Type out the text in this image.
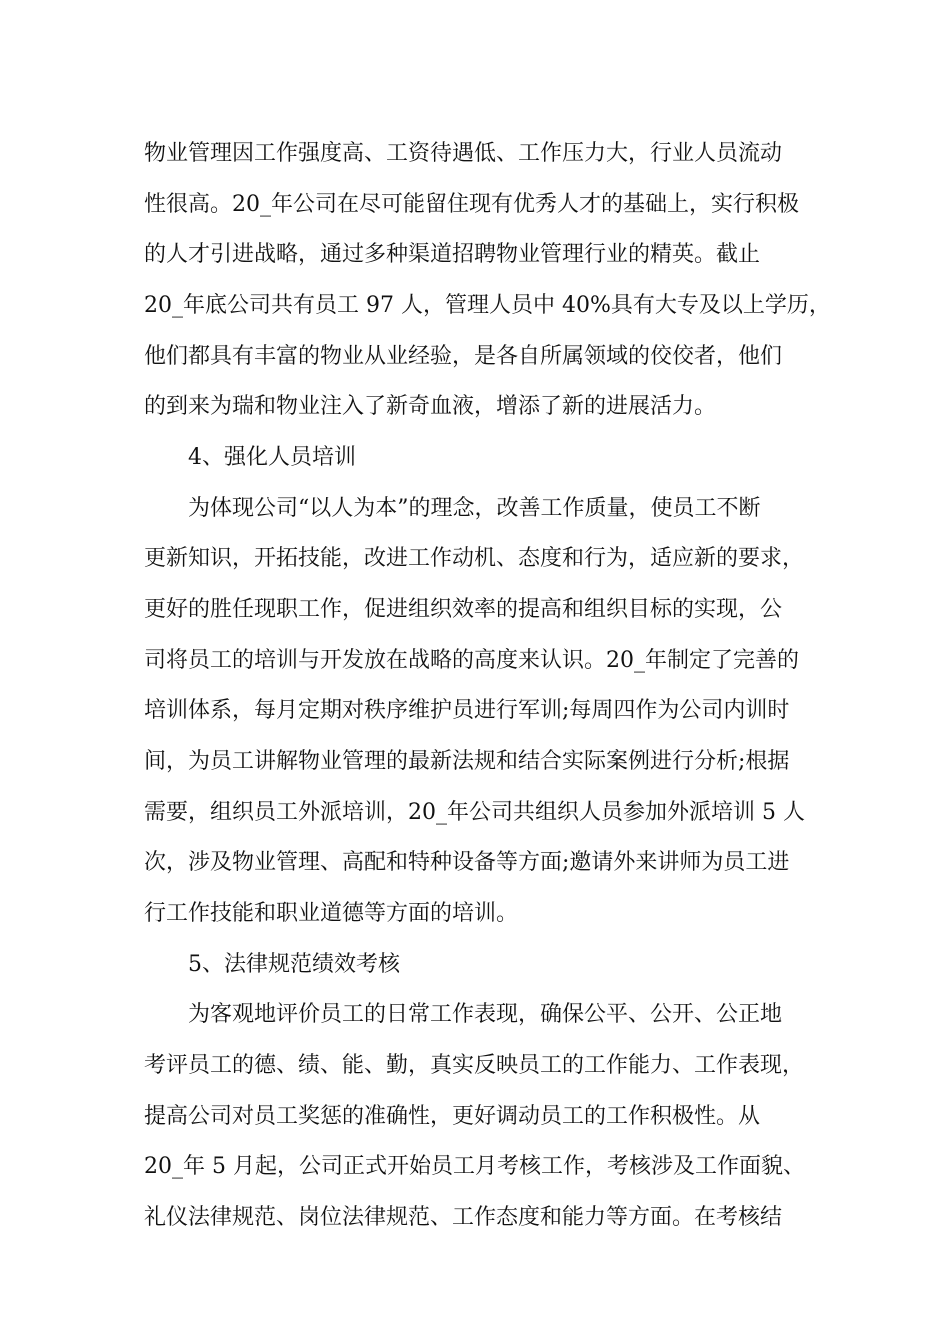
物业管理因工作强度高、工资待遇低、工作压力大，行业人员流动

性很高。20_年公司在尽可能留住现有优秀人才的基础上，实行积极

的人才引进战略，通过多种渠道招聘物业管理行业的精英。截止

20_年底公司共有员工 97 人，管理人员中 40%具有大专及以上学历，

他们都具有丰富的物业从业经验，是各自所属领域的佼佼者，他们

的到来为瑞和物业注入了新奇血液，增添了新的进展活力。

4、强化人员培训

为体现公司“以人为本”的理念，改善工作质量，使员工不断

更新知识，开拓技能，改进工作动机、态度和行为，适应新的要求，

更好的胜任现职工作，促进组织效率的提高和组织目标的实现，公

司将员工的培训与开发放在战略的高度来认识。20_年制定了完善的

培训体系，每月定期对秩序维护员进行军训;每周四作为公司内训时

间，为员工讲解物业管理的最新法规和结合实际案例进行分析;根据

需要，组织员工外派培训，20_年公司共组织人员参加外派培训 5 人

次，涉及物业管理、高配和特种设备等方面;邀请外来讲师为员工进

行工作技能和职业道德等方面的培训。

5、法律规范绩效考核

为客观地评价员工的日常工作表现，确保公平、公开、公正地

考评员工的德、绩、能、勤，真实反映员工的工作能力、工作表现，

提高公司对员工奖惩的准确性，更好调动员工的工作积极性。从

20_年 5 月起，公司正式开始员工月考核工作，考核涉及工作面貌、

礼仪法律规范、岗位法律规范、工作态度和能力等方面。在考核结
